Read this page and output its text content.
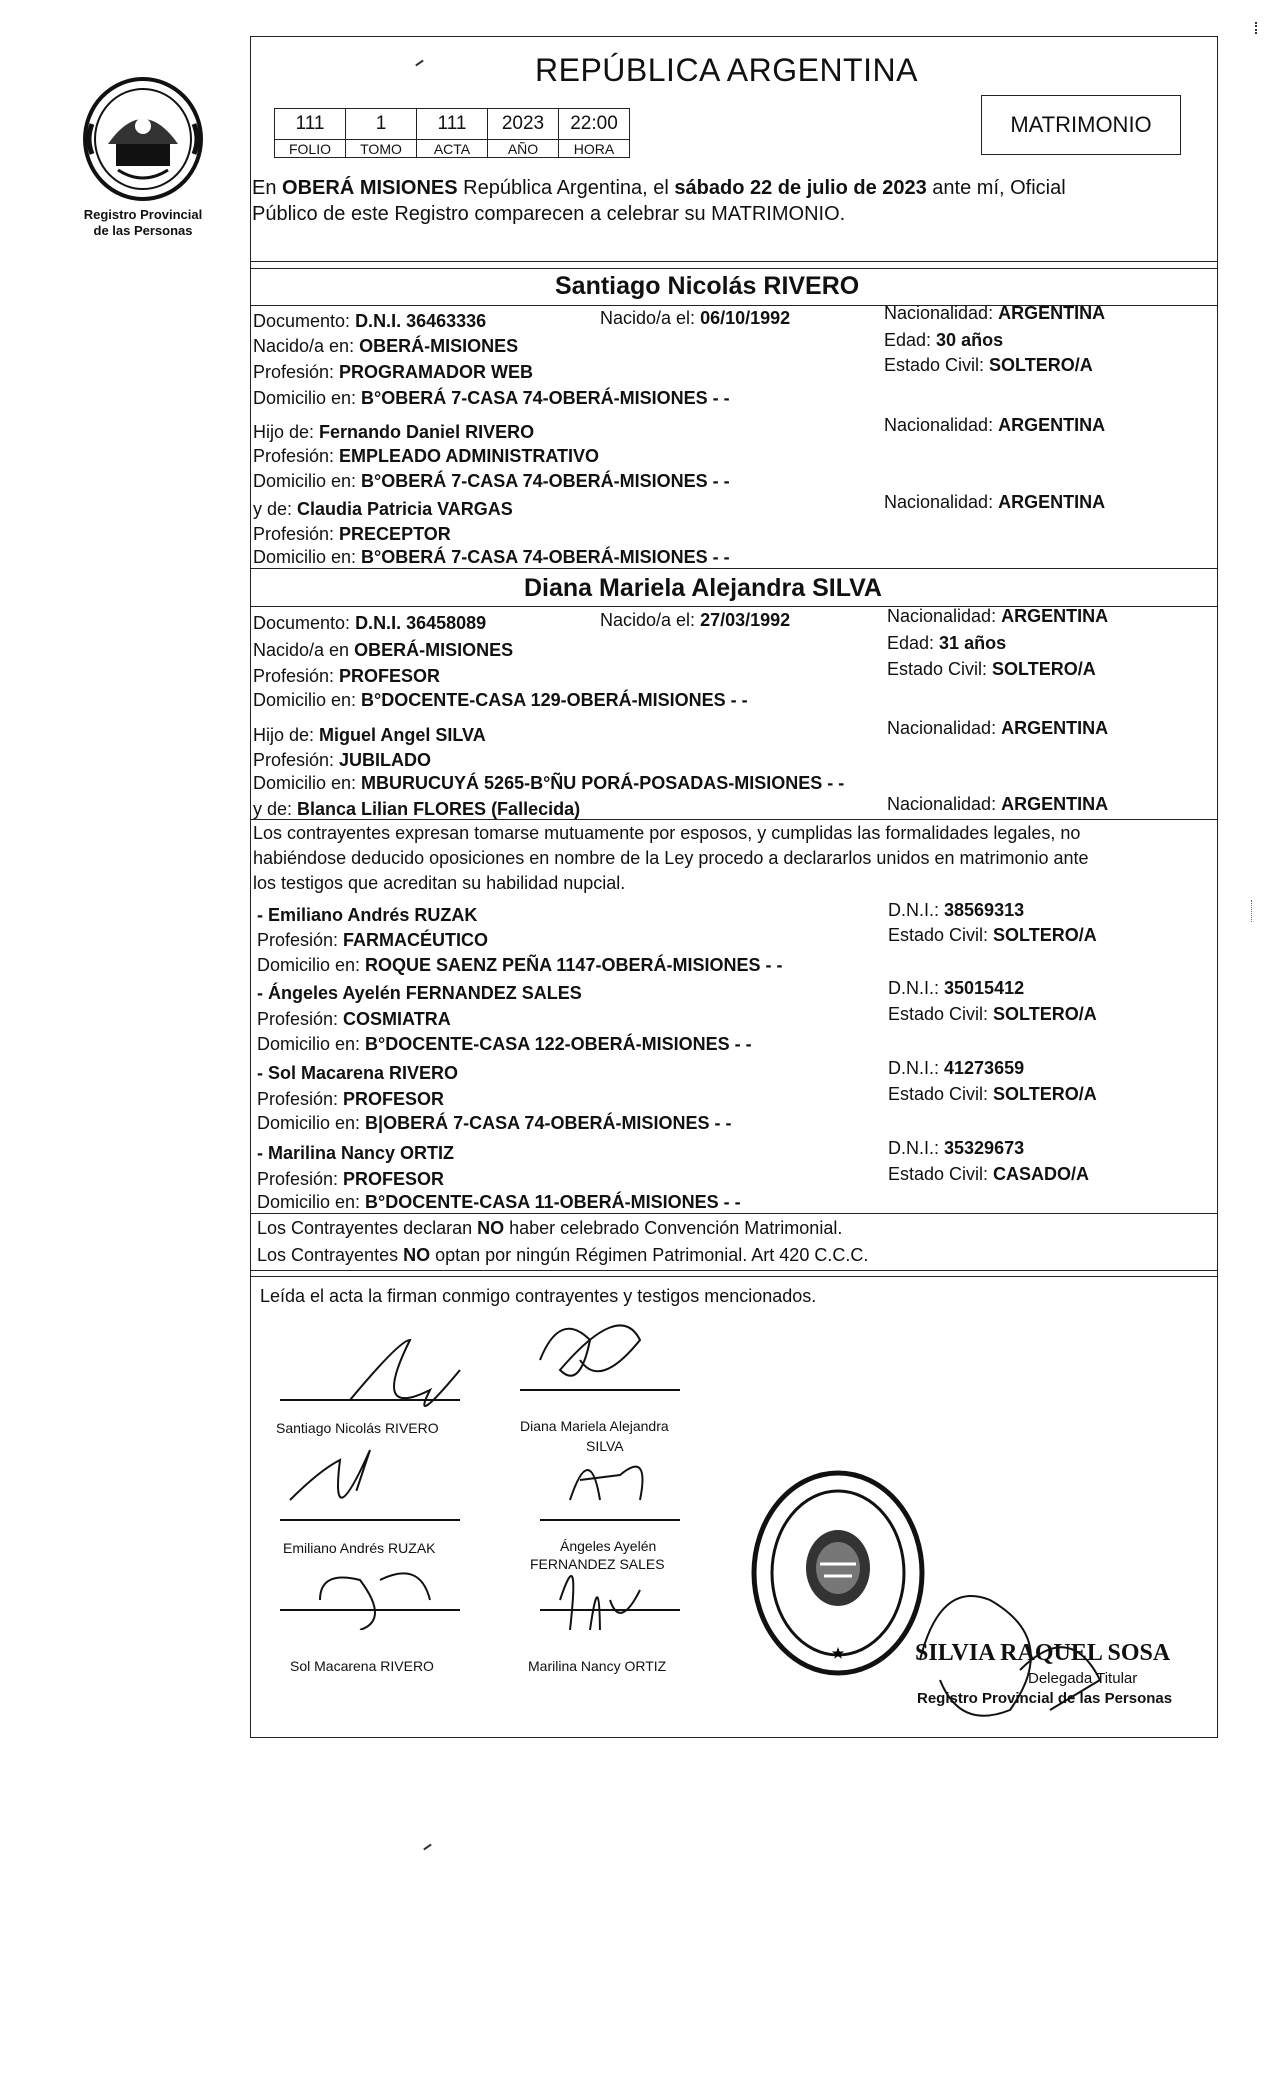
Registro Provincial
de las Personas
REPÚBLICA ARGENTINA
111	1	111	2023	22:00
FOLIO	TOMO	ACTA	AÑO	HORA
MATRIMONIO
En OBERÁ MISIONES República Argentina, el sábado 22 de julio de 2023 ante mí, Oficial
Público de este Registro comparecen a celebrar su MATRIMONIO.
Santiago Nicolás RIVERO
Documento: D.N.I. 36463336	Nacido/a el: 06/10/1992	Nacionalidad: ARGENTINA
Nacido/a en: OBERÁ-MISIONES	Edad: 30 años
Profesión: PROGRAMADOR WEB	Estado Civil: SOLTERO/A
Domicilio en: B°OBERÁ 7-CASA 74-OBERÁ-MISIONES - -
Hijo de: Fernando Daniel RIVERO	Nacionalidad: ARGENTINA
Profesión: EMPLEADO ADMINISTRATIVO
Domicilio en: B°OBERÁ 7-CASA 74-OBERÁ-MISIONES - -
y de: Claudia Patricia VARGAS	Nacionalidad: ARGENTINA
Profesión: PRECEPTOR
Domicilio en: B°OBERÁ 7-CASA 74-OBERÁ-MISIONES - -
Diana Mariela Alejandra SILVA
Documento: D.N.I. 36458089	Nacido/a el: 27/03/1992	Nacionalidad: ARGENTINA
Nacido/a en OBERÁ-MISIONES	Edad: 31 años
Profesión: PROFESOR	Estado Civil: SOLTERO/A
Domicilio en: B°DOCENTE-CASA 129-OBERÁ-MISIONES - -
Hijo de: Miguel Angel SILVA	Nacionalidad: ARGENTINA
Profesión: JUBILADO
Domicilio en: MBURUCUYÁ 5265-B°ÑU PORÁ-POSADAS-MISIONES - -
y de: Blanca Lilian FLORES (Fallecida)	Nacionalidad: ARGENTINA
Los contrayentes expresan tomarse mutuamente por esposos, y cumplidas las formalidades legales, no
habiéndose deducido oposiciones en nombre de la Ley procedo a declararlos unidos en matrimonio ante
los testigos que acreditan su habilidad nupcial.
- Emiliano Andrés RUZAK	D.N.I.: 38569313
Profesión: FARMACÉUTICO	Estado Civil: SOLTERO/A
Domicilio en: ROQUE SAENZ PEÑA 1147-OBERÁ-MISIONES - -
- Ángeles Ayelén FERNANDEZ SALES	D.N.I.: 35015412
Profesión: COSMIATRA	Estado Civil: SOLTERO/A
Domicilio en: B°DOCENTE-CASA 122-OBERÁ-MISIONES - -
- Sol Macarena RIVERO	D.N.I.: 41273659
Profesión: PROFESOR	Estado Civil: SOLTERO/A
Domicilio en: B|OBERÁ 7-CASA 74-OBERÁ-MISIONES - -
- Marilina Nancy ORTIZ	D.N.I.: 35329673
Profesión: PROFESOR	Estado Civil: CASADO/A
Domicilio en: B°DOCENTE-CASA 11-OBERÁ-MISIONES - -
Los Contrayentes declaran NO haber celebrado Convención Matrimonial.
Los Contrayentes NO optan por ningún Régimen Patrimonial. Art 420 C.C.C.
Leída el acta la firman conmigo contrayentes y testigos mencionados.
Santiago Nicolás RIVERO	Diana Mariela Alejandra
SILVA
Emiliano Andrés RUZAK	Ángeles Ayelén
FERNANDEZ SALES
Sol Macarena RIVERO	Marilina Nancy ORTIZ
★	SILVIA RAQUEL SOSA
Delegada Titular
Registro Provincial de las Personas
